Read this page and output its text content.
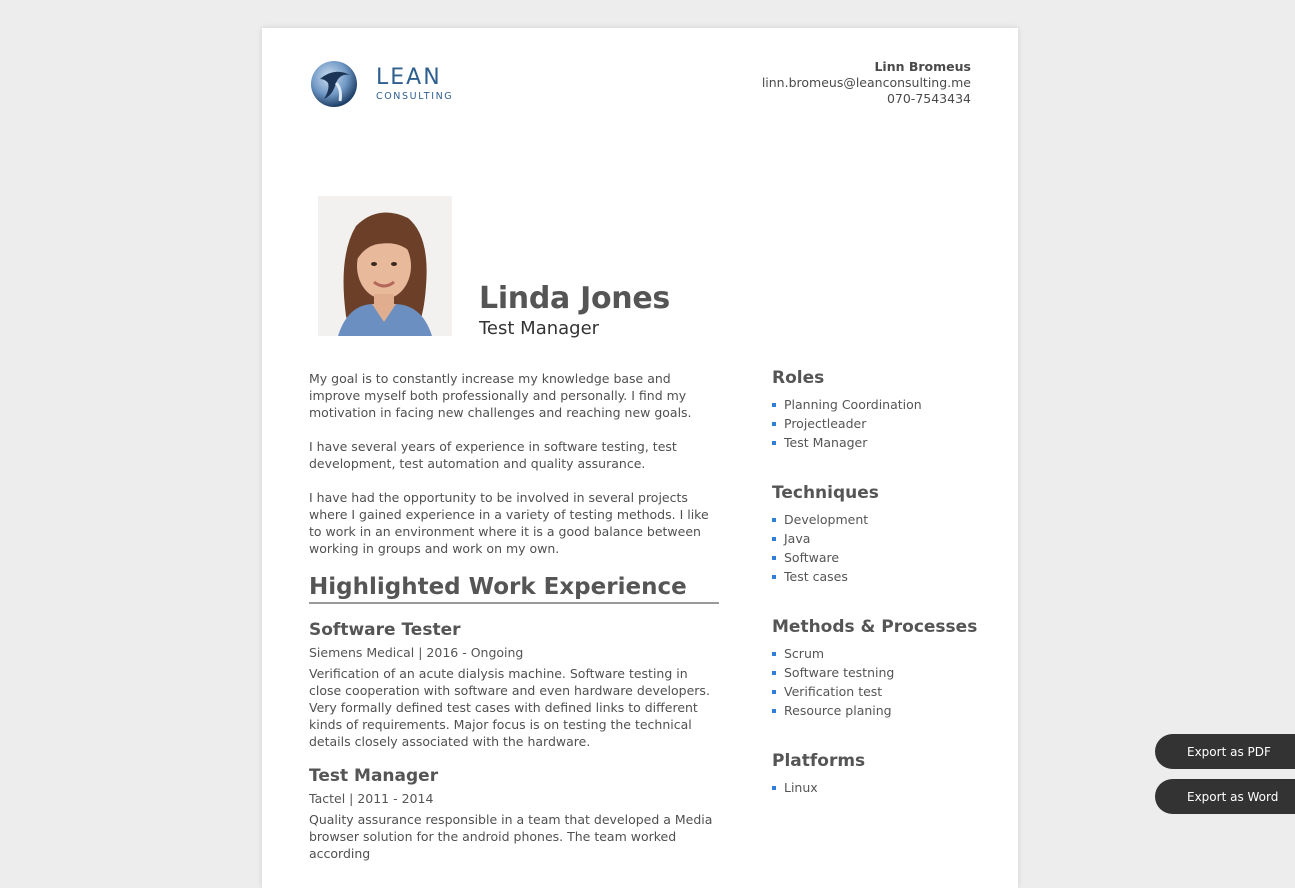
LEAN
CONSULTING
Linn Bromeus
linn.bromeus@leanconsulting.me
070-7543434
Linda Jones
Test Manager

My goal is to constantly increase my knowledge base and improve myself both professionally and personally. I find my motivation in facing new challenges and reaching new goals.

I have several years of experience in software testing, test development, test automation and quality assurance.

I have had the opportunity to be involved in several projects where I gained experience in a variety of testing methods. I like to work in an environment where it is a good balance between working in groups and work on my own.

Highlighted Work Experience
Software Tester
Siemens Medical | 2016 - Ongoing
Verification of an acute dialysis machine. Software testing in close cooperation with software and even hardware developers. Very formally defined test cases with defined links to different kinds of requirements. Major focus is on testing the technical details closely associated with the hardware.
Test Manager
Tactel | 2011 - 2014
Quality assurance responsible in a team that developed a Media browser solution for the android phones. The team worked according
Roles
Planning Coordination
Projectleader
Test Manager
Techniques
Development
Java
Software
Test cases
Methods & Processes
Scrum
Software testning
Verification test
Resource planing
Platforms
Linux
Export as PDF
Export as Word
